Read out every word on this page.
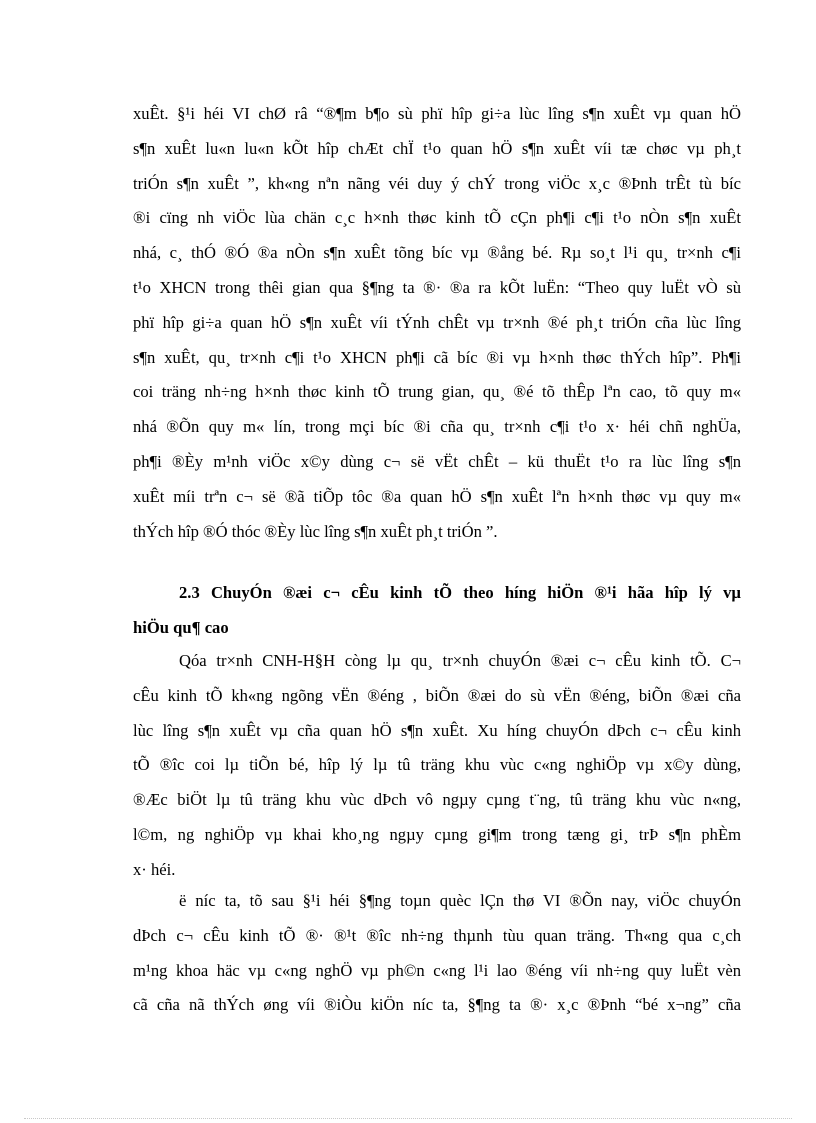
xuÊt. §¹i héi VI chØ râ “®¶m b¶o sù phï hîp gi÷a lùc lîng s¶n xuÊt vµ quan hÖ
s¶n xuÊt lu«n lu«n kÕt hîp chÆt chÏ t¹o quan hÖ s¶n xuÊt víi tæ chøc vµ ph¸t
triÓn s¶n xuÊt ”, kh«ng nªn nãng véi duy ý chÝ trong viÖc x¸c ®Þnh trÊt tù bíc
®i cïng nh viÖc lùa chän c¸c h×nh thøc kinh tÕ cÇn ph¶i c¶i t¹o nÒn s¶n xuÊt
nhá, c¸ thÓ ®Ó ®a nÒn s¶n xuÊt tõng bíc vµ ®ång bé. Rµ so¸t l¹i qu¸ tr×nh c¶i
t¹o XHCN trong thêi gian qua §¶ng ta ®· ®a ra kÕt luËn: “Theo quy luËt vÒ sù
phï hîp gi÷a quan hÖ s¶n xuÊt víi tÝnh chÊt vµ tr×nh ®é ph¸t triÓn cña lùc lîng
s¶n xuÊt, qu¸ tr×nh c¶i t¹o XHCN ph¶i cã bíc ®i vµ h×nh thøc thÝch hîp”. Ph¶i
coi träng nh÷ng h×nh thøc kinh tÕ trung gian, qu¸ ®é tõ thÊp lªn cao, tõ quy m«
nhá ®Õn quy m« lín, trong mçi bíc ®i cña qu¸ tr×nh c¶i t¹o x· héi chñ nghÜa,
ph¶i ®Èy m¹nh viÖc x©y dùng c¬ së vËt chÊt – kü thuËt t¹o ra lùc lîng s¶n
xuÊt míi trªn c¬ së ®ã tiÕp tôc ®a quan hÖ s¶n xuÊt lªn h×nh thøc vµ quy m«
thÝch hîp ®Ó thóc ®Èy lùc lîng s¶n xuÊt ph¸t triÓn ”.
2.3 ChuyÓn ®æi c¬ cÊu kinh tÕ theo híng hiÖn ®¹i hãa hîp lý vµ
hiÖu qu¶ cao
Qóa tr×nh CNH-H§H còng lµ qu¸ tr×nh chuyÓn ®æi c¬ cÊu kinh tÕ. C¬
cÊu kinh tÕ kh«ng ngõng vËn ®éng , biÕn ®æi do sù vËn ®éng, biÕn ®æi cña
lùc lîng s¶n xuÊt vµ cña quan hÖ s¶n xuÊt. Xu híng chuyÓn dÞch c¬ cÊu kinh
tÕ ®îc coi lµ tiÕn bé, hîp lý lµ tû träng khu vùc c«ng nghiÖp vµ x©y dùng,
®Æc biÖt lµ tû träng khu vùc dÞch vô ngµy cµng t¨ng, tû träng khu vùc n«ng,
l©m, ng nghiÖp vµ khai kho¸ng ngµy cµng gi¶m trong tæng gi¸ trÞ s¶n phÈm
x· héi.
ë níc ta, tõ sau §¹i héi §¶ng toµn quèc lÇn thø VI ®Õn nay, viÖc chuyÓn
dÞch c¬ cÊu kinh tÕ ®· ®¹t ®îc nh÷ng thµnh tùu quan träng. Th«ng qua c¸ch
m¹ng khoa häc vµ c«ng nghÖ vµ ph©n c«ng l¹i lao ®éng víi nh÷ng quy luËt vèn
cã cña nã thÝch øng víi ®iÒu kiÖn níc ta, §¶ng ta ®· x¸c ®Þnh “bé x¬ng” cña
